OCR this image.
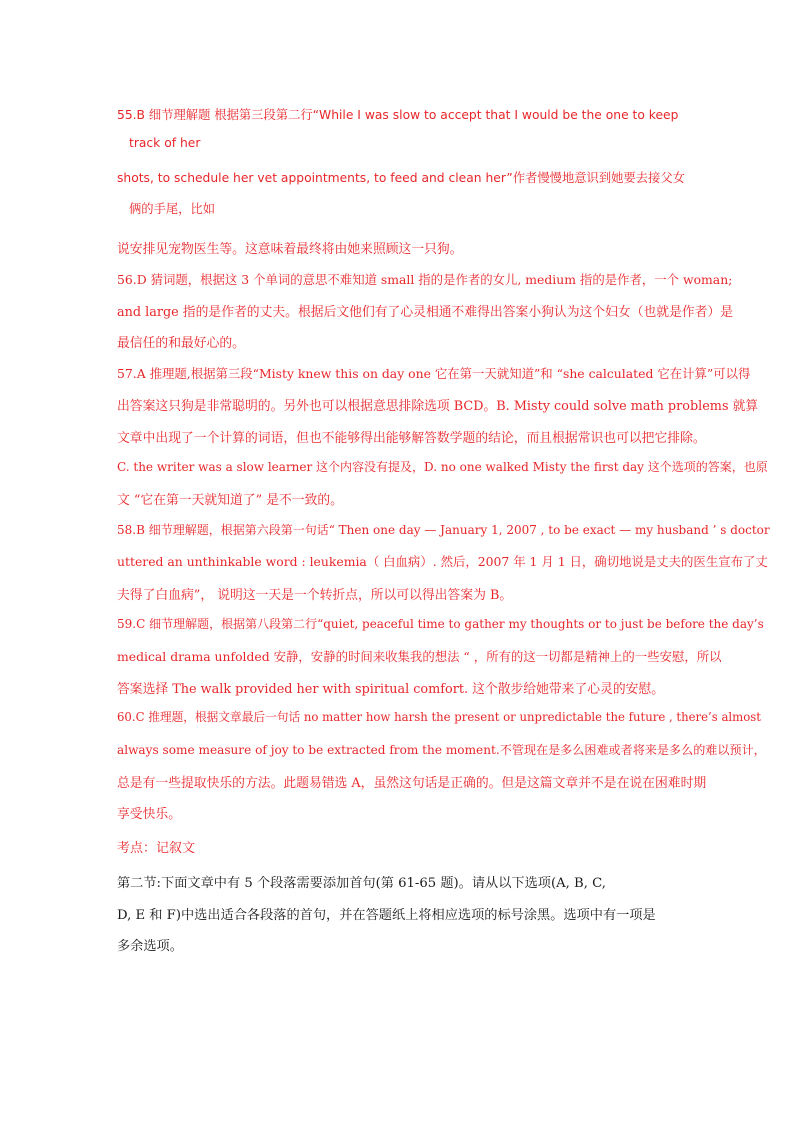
55.B 细节理解题 根据第三段第二行“While I was slow to accept that I would be the one to keep

track of her

shots, to schedule her vet appointments, to feed and clean her”作者慢慢地意识到她要去接父女

俩的手尾，比如

说安排见宠物医生等。这意味着最终将由她来照顾这一只狗。

56.D 猜词题，根据这 3 个单词的意思不难知道 small 指的是作者的女儿, medium 指的是作者，一个 woman;

and large 指的是作者的丈夫。根据后文他们有了心灵相通不难得出答案小狗认为这个妇女（也就是作者）是

最信任的和最好心的。

57.A 推理题,根据第三段“Misty knew this on day one 它在第一天就知道”和 “she calculated 它在计算”可以得

出答案这只狗是非常聪明的。另外也可以根据意思排除选项 BCD。B. Misty could solve math problems 就算

文章中出现了一个计算的词语，但也不能够得出能够解答数学题的结论，而且根据常识也可以把它排除。

C. the writer was a slow learner 这个内容没有提及，D. no one walked Misty the first day 这个选项的答案，也原

文 “它在第一天就知道了” 是不一致的。

58.B 细节理解题，根据第六段第一句话“ Then one day — January 1, 2007 , to be exact — my husband ’ s doctor

uttered an unthinkable word : leukemia（ 白血病）. 然后，2007 年 1 月 1 日，确切地说是丈夫的医生宣布了丈

夫得了白血病”， 说明这一天是一个转折点，所以可以得出答案为 B。

59.C 细节理解题，根据第八段第二行“quiet, peaceful time to gather my thoughts or to just be before the day’s

medical drama unfolded 安静，安静的时间来收集我的想法 “ ，所有的这一切都是精神上的一些安慰，所以

答案选择 The walk provided her with spiritual comfort. 这个散步给她带来了心灵的安慰。

60.C 推理题，根据文章最后一句话 no matter how harsh the present or unpredictable the future , there’s almost

always some measure of joy to be extracted from the moment.不管现在是多么困难或者将来是多么的难以预计，

总是有一些提取快乐的方法。此题易错选 A，虽然这句话是正确的。但是这篇文章并不是在说在困难时期

享受快乐。

考点：记叙文

第二节:下面文章中有 5 个段落需要添加首句(第 61-65 题)。请从以下选项(A, B, C,

D, E 和 F)中选出适合各段落的首句，并在答题纸上将相应选项的标号涂黑。选项中有一项是

多余选项。
